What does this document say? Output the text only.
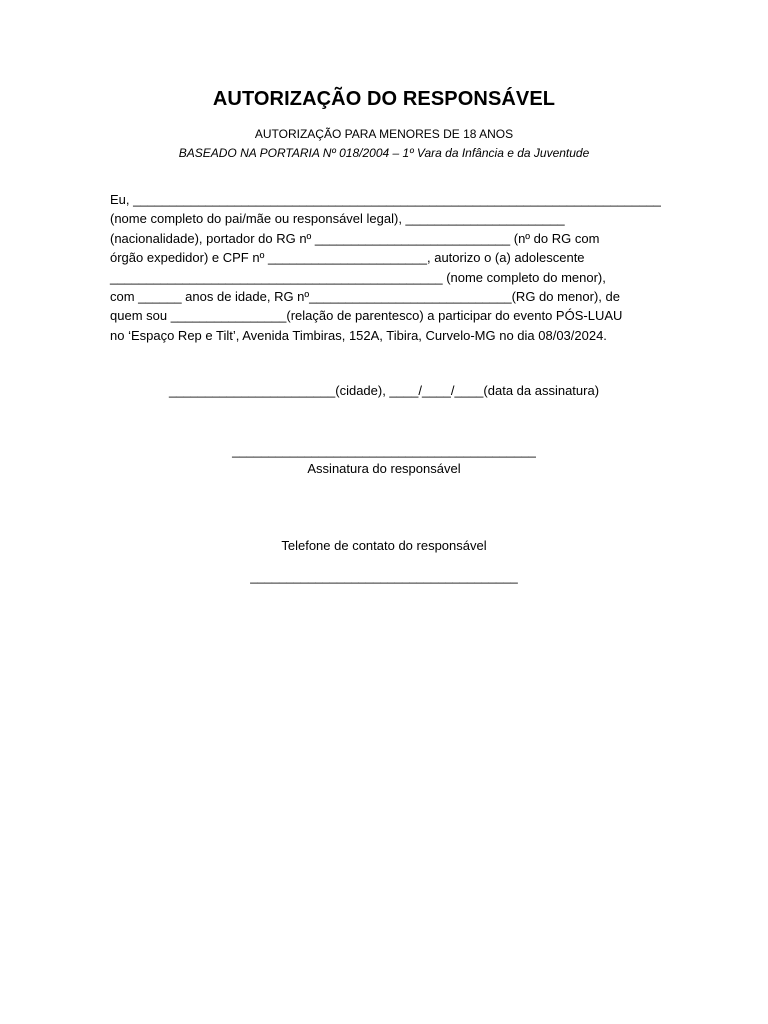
AUTORIZAÇÃO DO RESPONSÁVEL
AUTORIZAÇÃO PARA MENORES DE 18 ANOS
BASEADO NA PORTARIA Nº 018/2004 – 1º Vara da Infância e da Juventude
Eu, _________________________________________________________________________
(nome completo do pai/mãe ou responsável legal), ______________________
(nacionalidade), portador do RG nº ___________________________ (nº do RG com
órgão expedidor) e CPF nº ______________________, autorizo o (a) adolescente
______________________________________________ (nome completo do menor),
com ______ anos de idade, RG nº____________________________(RG do menor), de
quem sou ________________(relação de parentesco) a participar do evento PÓS-LUAU
no ‘Espaço Rep e Tilt’, Avenida Timbiras, 152A, Tibira, Curvelo-MG no dia 08/03/2024.
_______________________(cidade), ____/____/____(data da assinatura)
__________________________________________
Assinatura do responsável
Telefone de contato do responsável
_____________________________________
